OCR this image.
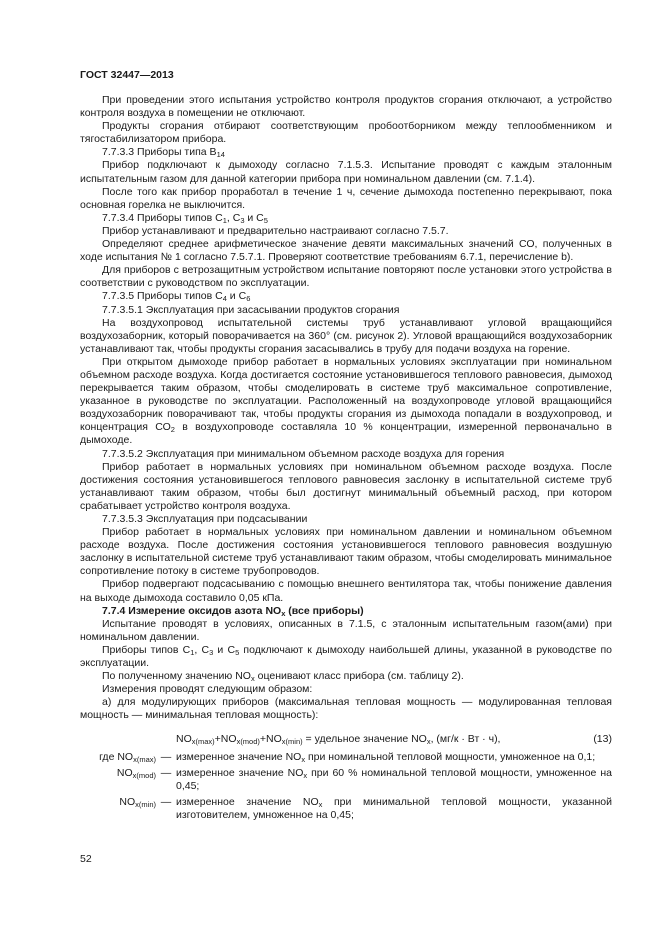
ГОСТ 32447—2013

При проведении этого испытания устройство контроля продуктов сгорания отключают, а устройство контроля воздуха в помещении не отключают.

Продукты сгорания отбирают соответствующим пробоотборником между теплообменником и тягостабилизатором прибора.

7.7.3.3 Приборы типа $B_{14}$

Прибор подключают к дымоходу согласно 7.1.5.3. Испытание проводят с каждым эталонным испытательным газом для данной категории прибора при номинальном давлении (см. 7.1.4).

После того как прибор проработал в течение 1 ч, сечение дымохода постепенно перекрывают, пока основная горелка не выключится.

7.7.3.4 Приборы типов $С_1$, $С_3$ и $С_5$

Прибор устанавливают и предварительно настраивают согласно 7.5.7.

Определяют среднее арифметическое значение девяти максимальных значений СО, полученных в ходе испытания № 1 согласно 7.5.7.1. Проверяют соответствие требованиям 6.7.1, перечисление b).

Для приборов с ветрозащитным устройством испытание повторяют после установки этого устройства в соответствии с руководством по эксплуатации.

7.7.3.5 Приборы типов $С_4$ и $С_6$

7.7.3.5.1 Эксплуатация при засасывании продуктов сгорания

На воздухопровод испытательной системы труб устанавливают угловой вращающийся воздухозаборник, который поворачивается на 360° (см. рисунок 2). Угловой вращающийся воздухозаборник устанавливают так, чтобы продукты сгорания засасывались в трубу для подачи воздуха на горение.

При открытом дымоходе прибор работает в нормальных условиях эксплуатации при номинальном объемном расходе воздуха. Когда достигается состояние установившегося теплового равновесия, дымоход перекрывается таким образом, чтобы смоделировать в системе труб максимальное сопротивление, указанное в руководстве по эксплуатации. Расположенный на воздухопроводе угловой вращающийся воздухозаборник поворачивают так, чтобы продукты сгорания из дымохода попадали в воздухопровод, и концентрация $СО_2$ в воздухопроводе составляла 10 % концентрации, измеренной первоначально в дымоходе.

7.7.3.5.2 Эксплуатация при минимальном объемном расходе воздуха для горения

Прибор работает в нормальных условиях при номинальном объемном расходе воздуха. После достижения состояния установившегося теплового равновесия заслонку в испытательной системе труб устанавливают таким образом, чтобы был достигнут минимальный объемный расход, при котором срабатывает устройство контроля воздуха.

7.7.3.5.3 Эксплуатация при подсасывании

Прибор работает в нормальных условиях при номинальном давлении и номинальном объемном расходе воздуха. После достижения состояния установившегося теплового равновесия воздушную заслонку в испытательной системе труб устанавливают таким образом, чтобы смоделировать минимальное сопротивление потоку в системе трубопроводов.

Прибор подвергают подсасыванию с помощью внешнего вентилятора так, чтобы понижение давления на выходе дымохода составило 0,05 кПа.

7.7.4 Измерение оксидов азота $NO_x$ (все приборы)

Испытание проводят в условиях, описанных в 7.1.5, с эталонным испытательным газом(ами) при номинальном давлении.

Приборы типов $С_1$, $С_3$ и $С_5$ подключают к дымоходу наибольшей длины, указанной в руководстве по эксплуатации.

По полученному значению $NO_x$ оценивают класс прибора (см. таблицу 2).

Измерения проводят следующим образом:

а) для модулирующих приборов (максимальная тепловая мощность — модулированная тепловая мощность — минимальная тепловая мощность):

$NO_{x(max)}+NO_{x(mod)}+NO_{x(min)}$ = удельное значение $NO_x$, (мг/к · Вт · ч),	(13)
где $NO_{x(max)}$ — измеренное значение $NO_x$ при номинальной тепловой мощности, умноженное на 0,1;
$NO_{x(mod)}$ — измеренное значение $NO_x$ при 60 % номинальной тепловой мощности, умноженное на 0,45;
$NO_{x(min)}$ — измеренное значение $NO_x$ при минимальной тепловой мощности, указанной изготовителем, умноженное на 0,45;
52
